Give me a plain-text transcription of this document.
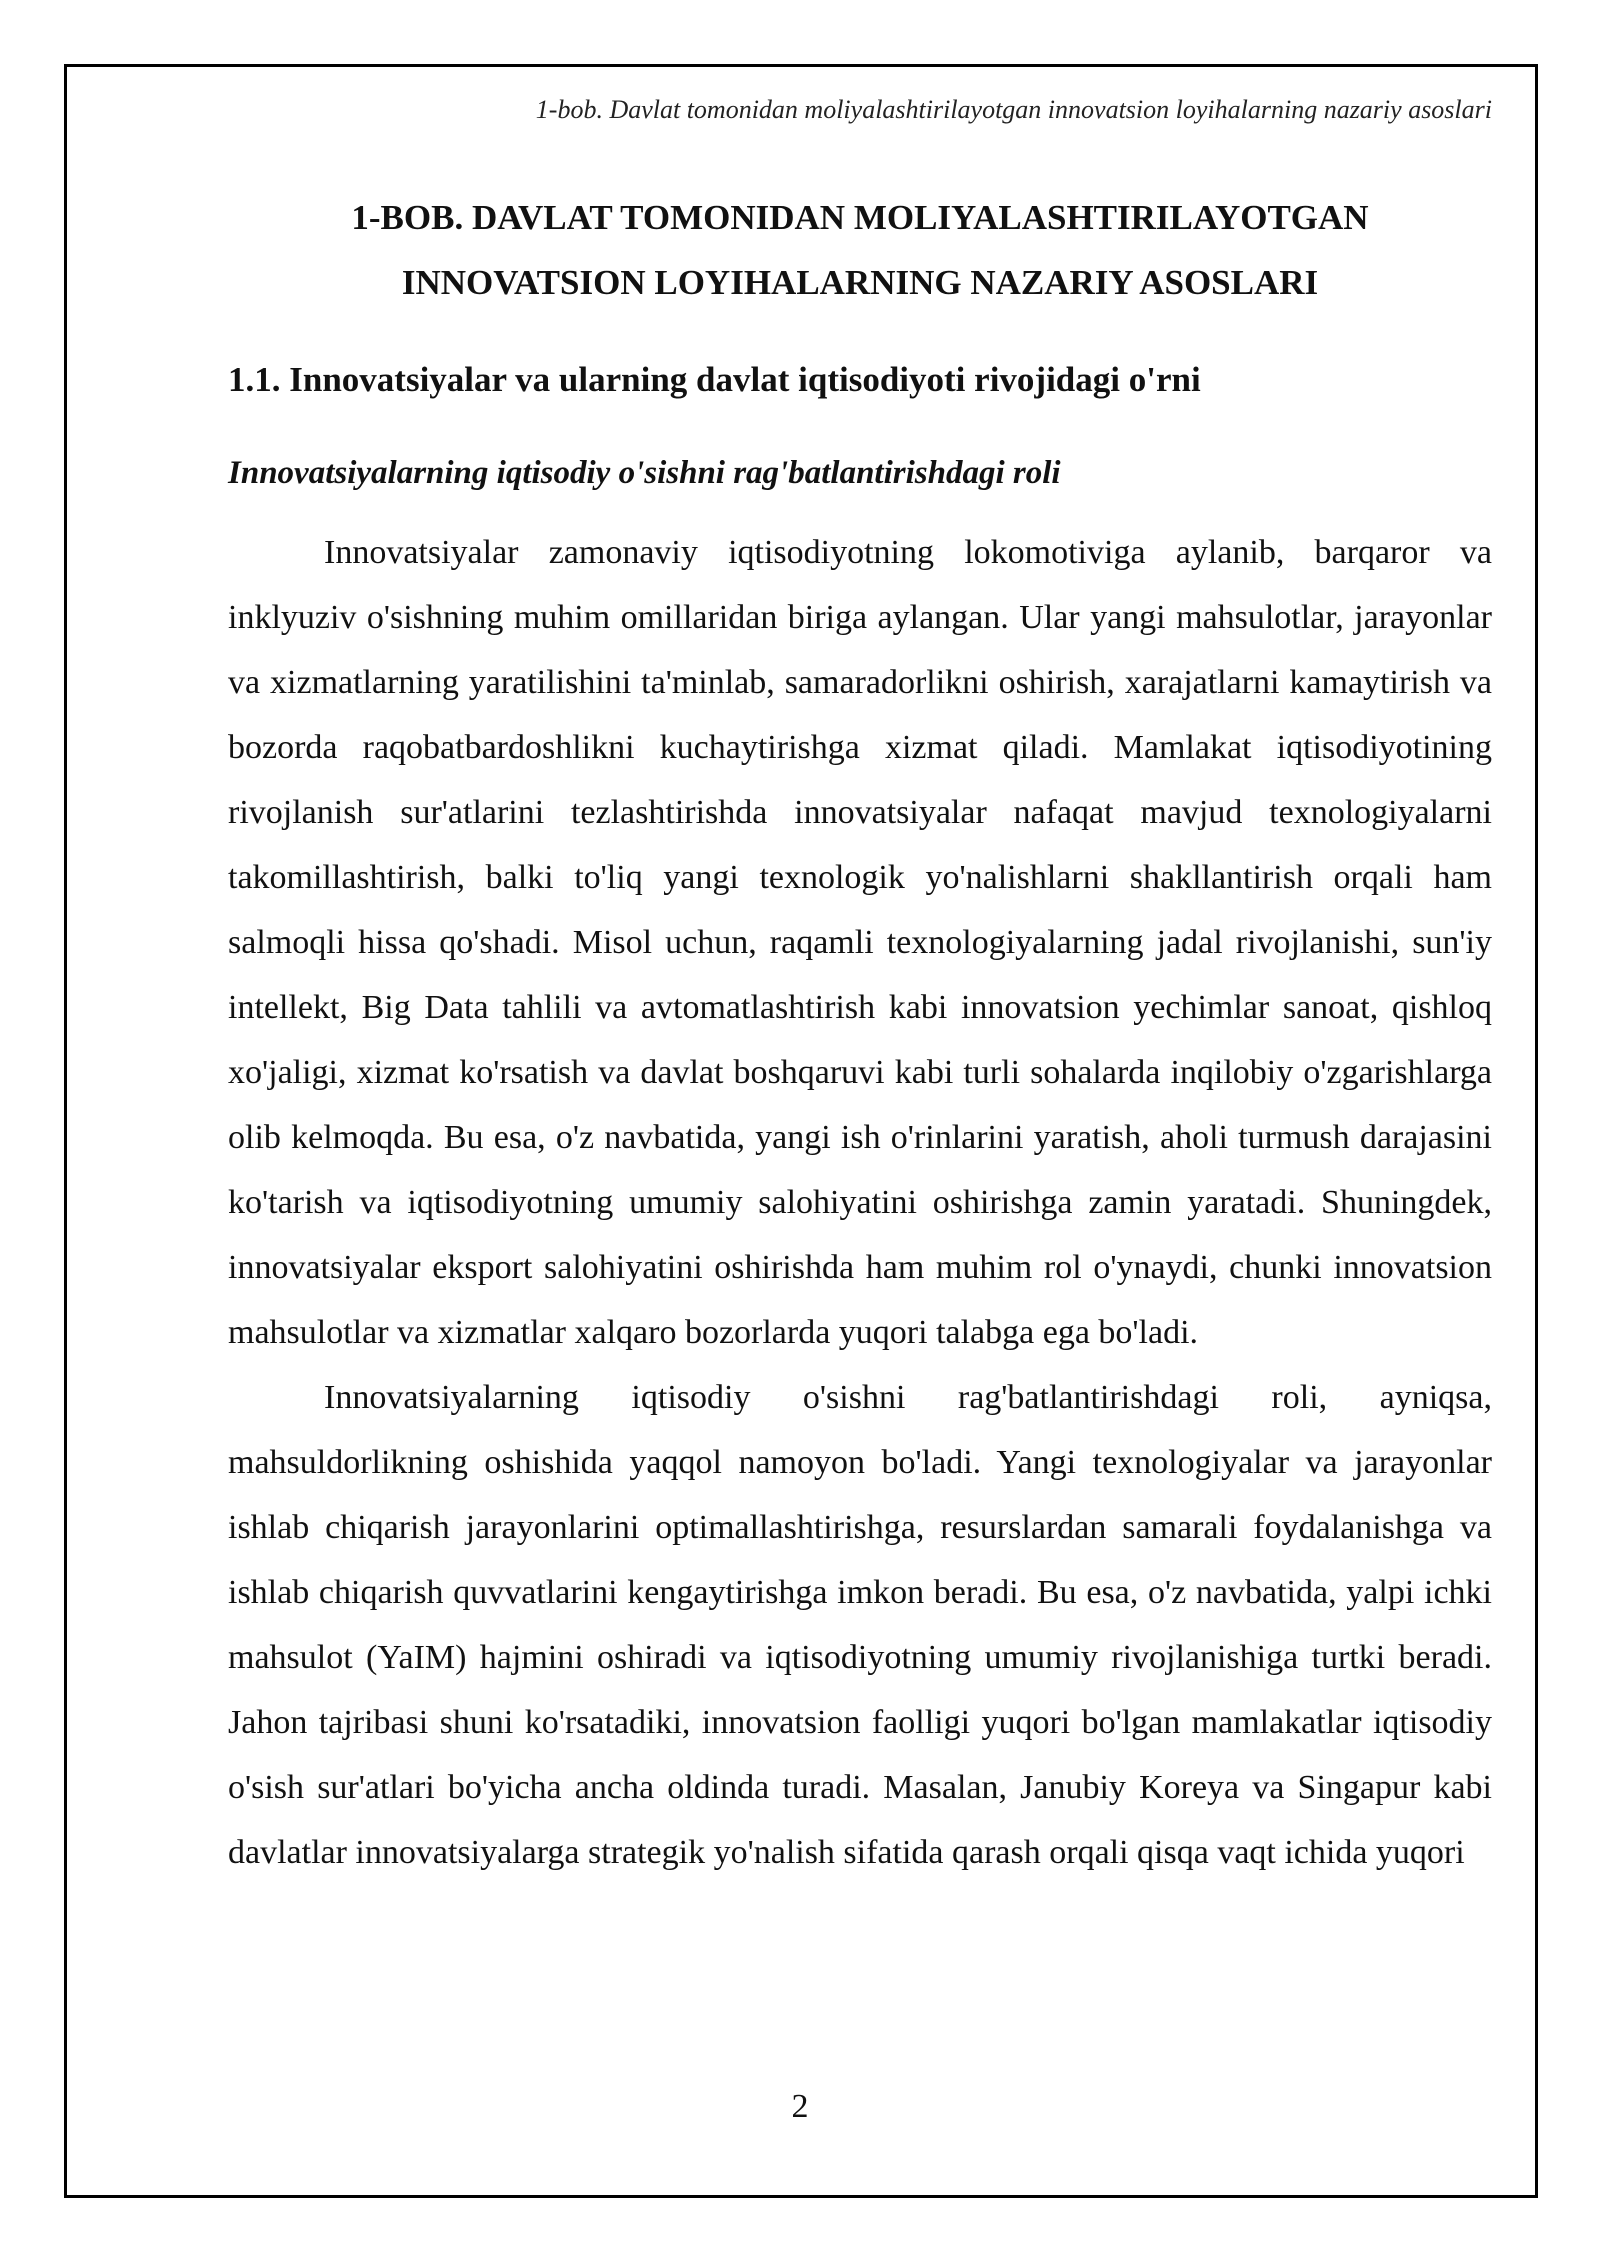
1-bob. Davlat tomonidan moliyalashtirilayotgan innovatsion loyihalarning nazariy asoslari
1-BOB. DAVLAT TOMONIDAN MOLIYALASHTIRILAYOTGAN
INNOVATSION LOYIHALARNING NAZARIY ASOSLARI
1.1. Innovatsiyalar va ularning davlat iqtisodiyoti rivojidagi o'rni
Innovatsiyalarning iqtisodiy o'sishni rag'batlantirishdagi roli

Innovatsiyalar zamonaviy iqtisodiyotning lokomotiviga aylanib, barqaror va inklyuziv o'sishning muhim omillaridan biriga aylangan. Ular yangi mahsulotlar, jarayonlar va xizmatlarning yaratilishini ta'minlab, samaradorlikni oshirish, xarajatlarni kamaytirish va bozorda raqobatbardoshlikni kuchaytirishga xizmat qiladi. Mamlakat iqtisodiyotining rivojlanish sur'atlarini tezlashtirishda innovatsiyalar nafaqat mavjud texnologiyalarni takomillashtirish, balki to'liq yangi texnologik yo'nalishlarni shakllantirish orqali ham salmoqli hissa qo'shadi. Misol uchun, raqamli texnologiyalarning jadal rivojlanishi, sun'iy intellekt, Big Data tahlili va avtomatlashtirish kabi innovatsion yechimlar sanoat, qishloq xo'jaligi, xizmat ko'rsatish va davlat boshqaruvi kabi turli sohalarda inqilobiy o'zgarishlarga olib kelmoqda. Bu esa, o'z navbatida, yangi ish o'rinlarini yaratish, aholi turmush darajasini ko'tarish va iqtisodiyotning umumiy salohiyatini oshirishga zamin yaratadi. Shuningdek, innovatsiyalar eksport salohiyatini oshirishda ham muhim rol o'ynaydi, chunki innovatsion mahsulotlar va xizmatlar xalqaro bozorlarda yuqori talabga ega bo'ladi.

Innovatsiyalarning iqtisodiy o'sishni rag'batlantirishdagi roli, ayniqsa, mahsuldorlikning oshishida yaqqol namoyon bo'ladi. Yangi texnologiyalar va jarayonlar ishlab chiqarish jarayonlarini optimallashtirishga, resurslardan samarali foydalanishga va ishlab chiqarish quvvatlarini kengaytirishga imkon beradi. Bu esa, o'z navbatida, yalpi ichki mahsulot (YaIM) hajmini oshiradi va iqtisodiyotning umumiy rivojlanishiga turtki beradi. Jahon tajribasi shuni ko'rsatadiki, innovatsion faolligi yuqori bo'lgan mamlakatlar iqtisodiy o'sish sur'atlari bo'yicha ancha oldinda turadi. Masalan, Janubiy Koreya va Singapur kabi davlatlar innovatsiyalarga strategik yo'nalish sifatida qarash orqali qisqa vaqt ichida yuqori

2
